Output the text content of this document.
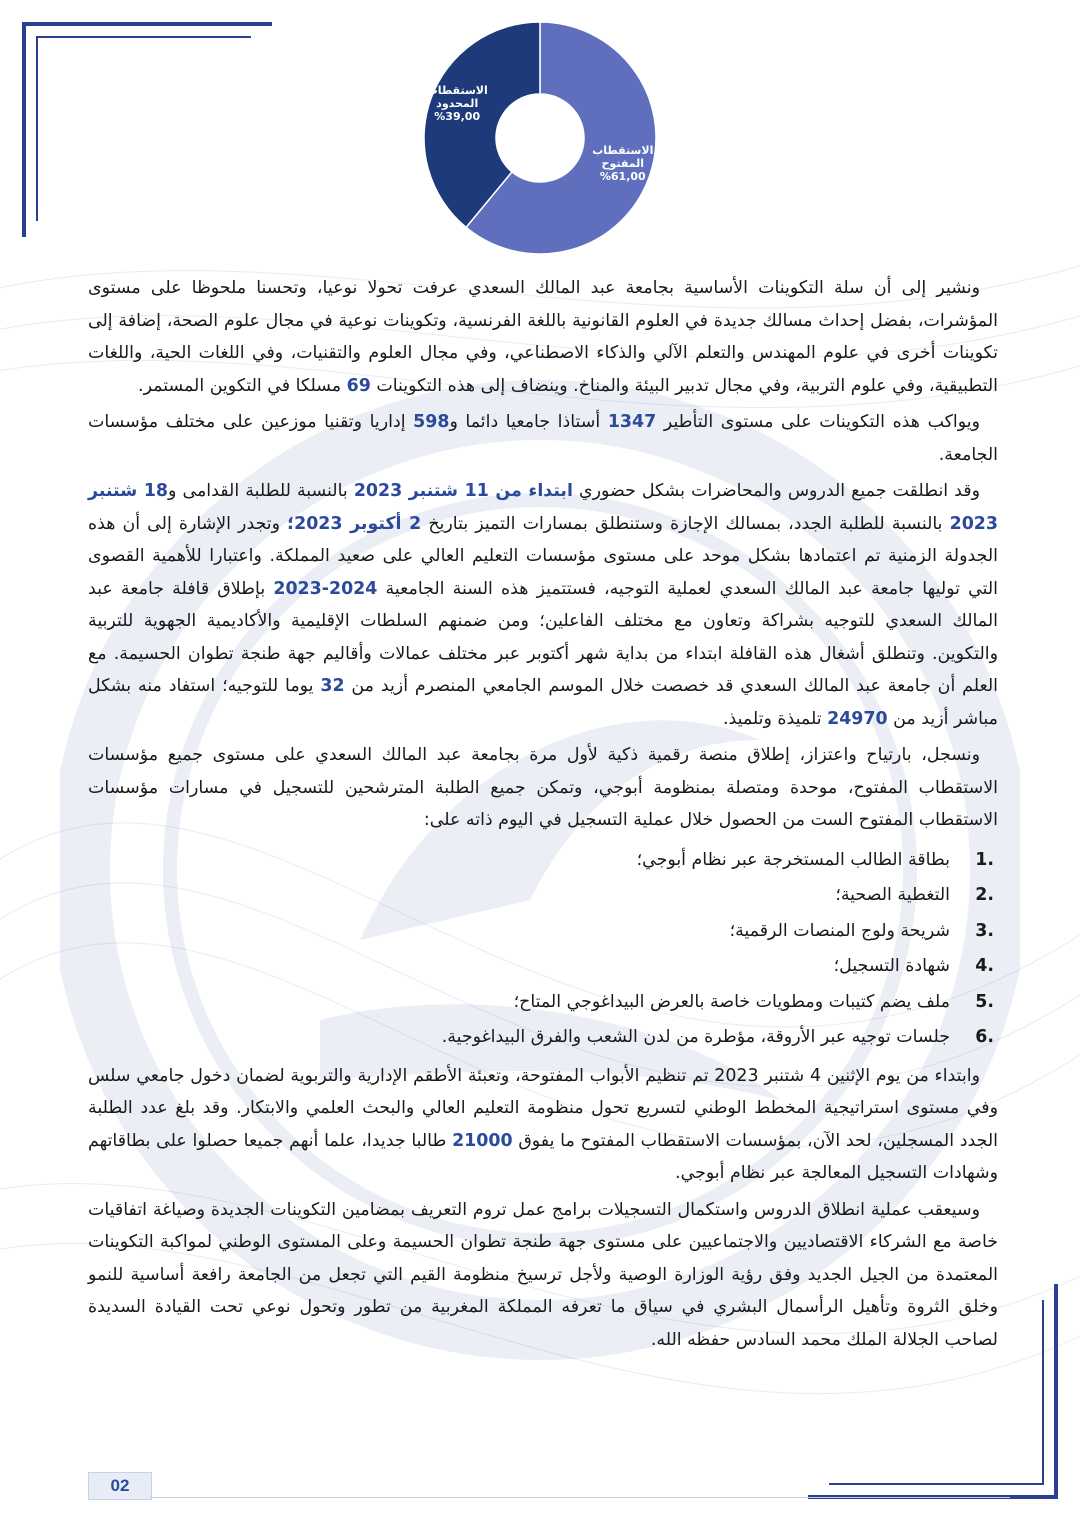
الاستقطاب
المفتوح
%61,00
الاستقطاب
المحدود
%39,00

ونشير إلى أن سلة التكوينات الأساسية بجامعة عبد المالك السعدي عرفت تحولا نوعيا، وتحسنا ملحوظا على مستوى المؤشرات، بفضل إحداث مسالك جديدة في العلوم القانونية باللغة الفرنسية، وتكوينات نوعية في مجال علوم الصحة، إضافة إلى تكوينات أخرى في علوم المهندس والتعلم الآلي والذكاء الاصطناعي، وفي مجال العلوم والتقنيات، وفي اللغات الحية، واللغات التطبيقية، وفي علوم التربية، وفي مجال تدبير البيئة والمناخ. وينضاف إلى هذه التكوينات 69 مسلكا في التكوين المستمر.

ويواكب هذه التكوينات على مستوى التأطير 1347 أستاذا جامعيا دائما و598 إداريا وتقنيا موزعين على مختلف مؤسسات الجامعة.

وقد انطلقت جميع الدروس والمحاضرات بشكل حضوري ابتداء من 11 شتنبر 2023 بالنسبة للطلبة القدامى و18 شتنبر 2023 بالنسبة للطلبة الجدد، بمسالك الإجازة وستنطلق بمسارات التميز بتاريخ 2 أكتوبر 2023؛ وتجدر الإشارة إلى أن هذه الجدولة الزمنية تم اعتمادها بشكل موحد على مستوى مؤسسات التعليم العالي على صعيد المملكة. واعتبارا للأهمية القصوى التي توليها جامعة عبد المالك السعدي لعملية التوجيه، فستتميز هذه السنة الجامعية 2024-2023 بإطلاق قافلة جامعة عبد المالك السعدي للتوجيه بشراكة وتعاون مع مختلف الفاعلين؛ ومن ضمنهم السلطات الإقليمية والأكاديمية الجهوية للتربية والتكوين. وتنطلق أشغال هذه القافلة ابتداء من بداية شهر أكتوبر عبر مختلف عمالات وأقاليم جهة طنجة تطوان الحسيمة. مع العلم أن جامعة عبد المالك السعدي قد خصصت خلال الموسم الجامعي المنصرم أزيد من 32 يوما للتوجيه؛ استفاد منه بشكل مباشر أزيد من 24970 تلميذة وتلميذ.

ونسجل، بارتياح واعتزاز، إطلاق منصة رقمية ذكية لأول مرة بجامعة عبد المالك السعدي على مستوى جميع مؤسسات الاستقطاب المفتوح، موحدة ومتصلة بمنظومة أبوجي، وتمكن جميع الطلبة المترشحين للتسجيل في مسارات مؤسسات الاستقطاب المفتوح الست من الحصول خلال عملية التسجيل في اليوم ذاته على:

1.
بطاقة الطالب المستخرجة عبر نظام أبوجي؛
2.
التغطية الصحية؛
3.
شريحة ولوج المنصات الرقمية؛
4.
شهادة التسجيل؛
5.
ملف يضم كتيبات ومطويات خاصة بالعرض البيداغوجي المتاح؛
6.
جلسات توجيه عبر الأروقة، مؤطرة من لدن الشعب والفرق البيداغوجية.

وابتداء من يوم الإثنين 4 شتنبر 2023 تم تنظيم الأبواب المفتوحة، وتعبئة الأطقم الإدارية والتربوية لضمان دخول جامعي سلس وفي مستوى استراتيجية المخطط الوطني لتسريع تحول منظومة التعليم العالي والبحث العلمي والابتكار. وقد بلغ عدد الطلبة الجدد المسجلين، لحد الآن، بمؤسسات الاستقطاب المفتوح ما يفوق 21000 طالبا جديدا، علما أنهم جميعا حصلوا على بطاقاتهم وشهادات التسجيل المعالجة عبر نظام أبوجي.

وسيعقب عملية انطلاق الدروس واستكمال التسجيلات برامج عمل تروم التعريف بمضامين التكوينات الجديدة وصياغة اتفاقيات خاصة مع الشركاء الاقتصاديين والاجتماعيين على مستوى جهة طنجة تطوان الحسيمة وعلى المستوى الوطني لمواكبة التكوينات المعتمدة من الجيل الجديد وفق رؤية الوزارة الوصية ولأجل ترسيخ منظومة القيم التي تجعل من الجامعة رافعة أساسية للنمو وخلق الثروة وتأهيل الرأسمال البشري في سياق ما تعرفه المملكة المغربية من تطور وتحول نوعي تحت القيادة السديدة لصاحب الجلالة الملك محمد السادس حفظه الله.

02
